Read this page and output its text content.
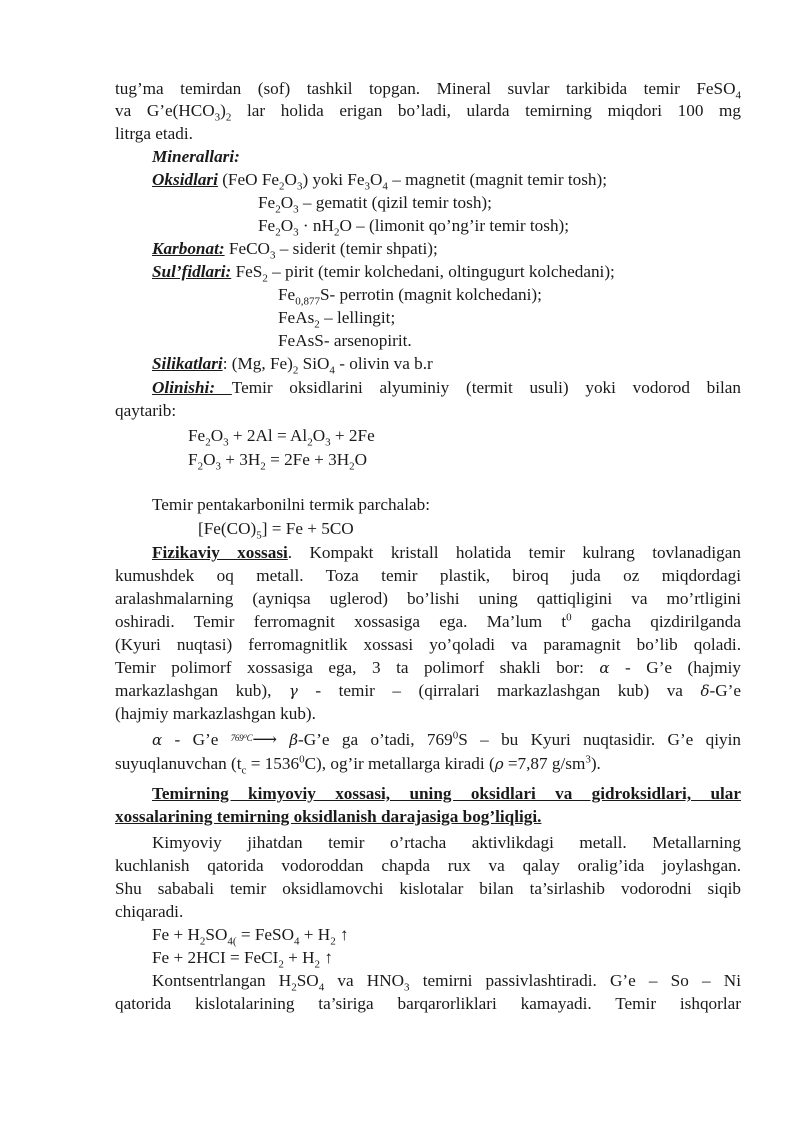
tug’ma temirdan (sof) tashkil topgan. Mineral suvlar tarkibida temir FeSO$_4$
va $G’e(HCO_3)_2$ lar holida erigan bo’ladi, ularda temirning miqdori 100 mg
litrga etadi.
Minerallari:
Oksidlari (FeO $Fe_2O_3$) yoki $Fe_3O_4$ – magnetit (magnit temir tosh);
$Fe_2O_3$ – gematit (qizil temir tosh);
$Fe_2O_3 \cdot nH_2O$ – (limonit qo’ng’ir temir tosh);
Karbonat: FeCO$_3$ – siderit (temir shpati);
Sul’fidlari: FeS$_2$ – pirit (temir kolchedani, oltingugurt kolchedani);
$Fe_{0,877}S-$ perrotin (magnit kolchedani);
FeAs$_2$ – lellingit;
FeAsS- arsenopirit.
Silikatlari: (Mg, $Fe)_2$ SiO$_4$ - olivin va b.r
Olinishi: Temir oksidlarini alyuminiy (termit usuli) yoki vodorod bilan
qaytarib:
$Fe_2O_3 + 2Al = Al_2O_3 + 2Fe$
$F_2O_3 + 3H_2 = 2Fe + 3H_2O$
Temir pentakarbonilni termik parchalab:
$[Fe(CO)_5] = Fe + 5CO$
Fizikaviy xossasi. Kompakt kristall holatida temir kulrang tovlanadigan
kumushdek oq metall. Toza temir plastik, biroq juda oz miqdordagi
aralashmalarning (ayniqsa uglerod) bo’lishi uning qattiqligini va mo’rtligini
oshiradi. Temir ferromagnit xossasiga ega. Ma’lum $t^0$ gacha qizdirilganda
(Kyuri nuqtasi) ferromagnitlik xossasi yo’qoladi va paramagnit bo’lib qoladi.
Temir polimorf xossasiga ega, 3 ta polimorf shakli bor: α - G’e (hajmiy
markazlashgan kub), γ - temir – (qirralari markazlashgan kub) va δ-G’e
(hajmiy markazlashgan kub).
α - G’e $^{769^0C}$⟶ β-G’e ga o’tadi, $769^0S$ – bu Kyuri nuqtasidir. G’e qiyin
suyuqlanuvchan $(t_c = 1536^0C)$, og’ir metallarga kiradi (ρ =7,87 $g/sm^3$).
Temirning kimyoviy xossasi, uning oksidlari va gidroksidlari, ular
xossalarining temirning oksidlanish darajasiga bog’liqligi.
Kimyoviy jihatdan temir o’rtacha aktivlikdagi metall. Metallarning
kuchlanish qatorida vodoroddan chapda rux va qalay oralig’ida joylashgan.
Shu sababali temir oksidlamovchi kislotalar bilan ta’sirlashib vodorodni siqib
chiqaradi.
$Fe + H_2SO_{4(}$ = FeSO$_4$ + $H_2$ ↑
Fe + 2HCI = FeCI$_2$ + $H_2$ ↑
Kontsentrlangan $H_2SO_4$ va $HNO_3$ temirni passivlashtiradi. G’e – So – Ni
qatorida kislotalarining ta’siriga barqarorliklari kamayadi. Temir ishqorlar
